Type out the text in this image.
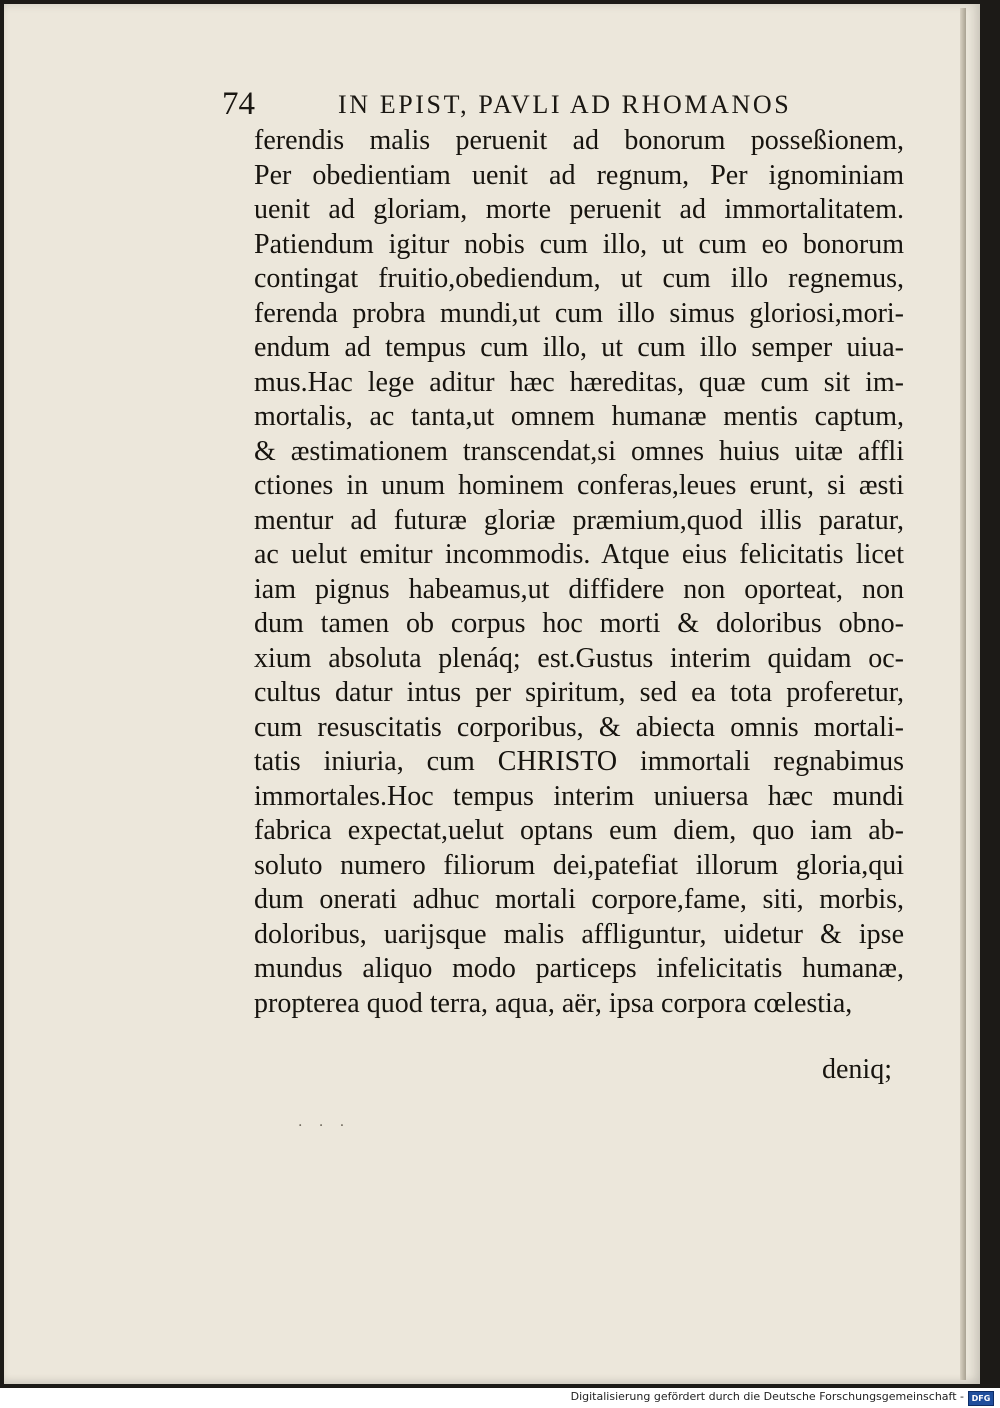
74	IN EPIST, PAVLI AD RHOMANOS
ferendis malis peruenit ad bonorum posseßionem,
Per obedientiam uenit ad regnum, Per ignominiam
uenit ad gloriam, morte peruenit ad immortalitatem.
Patiendum igitur nobis cum illo, ut cum eo bonorum
contingat fruitio,obediendum, ut cum illo regnemus,
ferenda probra mundi,ut cum illo simus gloriosi,mori-
endum ad tempus cum illo, ut cum illo semper uiua-
mus.Hac lege aditur hæc hæreditas, quæ cum sit im-
mortalis, ac tanta,ut omnem humanæ mentis captum,
& æstimationem transcendat,si omnes huius uitæ affli
ctiones in unum hominem conferas,leues erunt, si æsti
mentur ad futuræ gloriæ præmium,quod illis paratur,
ac uelut emitur incommodis. Atque eius felicitatis licet
iam pignus habeamus,ut diffidere non oporteat, non
dum tamen ob corpus hoc morti & doloribus obno-
xium absoluta plenáq; est.Gustus interim quidam oc-
cultus datur intus per spiritum, sed ea tota proferetur,
cum resuscitatis corporibus, & abiecta omnis mortali-
tatis iniuria, cum CHRISTO immortali regnabimus
immortales.Hoc tempus interim uniuersa hæc mundi
fabrica expectat,uelut optans eum diem, quo iam ab-
soluto numero filiorum dei,patefiat illorum gloria,qui
dum onerati adhuc mortali corpore,fame, siti, morbis,
doloribus, uarijsque malis affliguntur, uidetur & ipse
mundus aliquo modo particeps infelicitatis humanæ,
propterea quod terra, aqua, aër, ipsa corpora cœlestia,
deniq;
· · ·
Digitalisierung gefördert durch die Deutsche Forschungsgemeinschaft - DFG
